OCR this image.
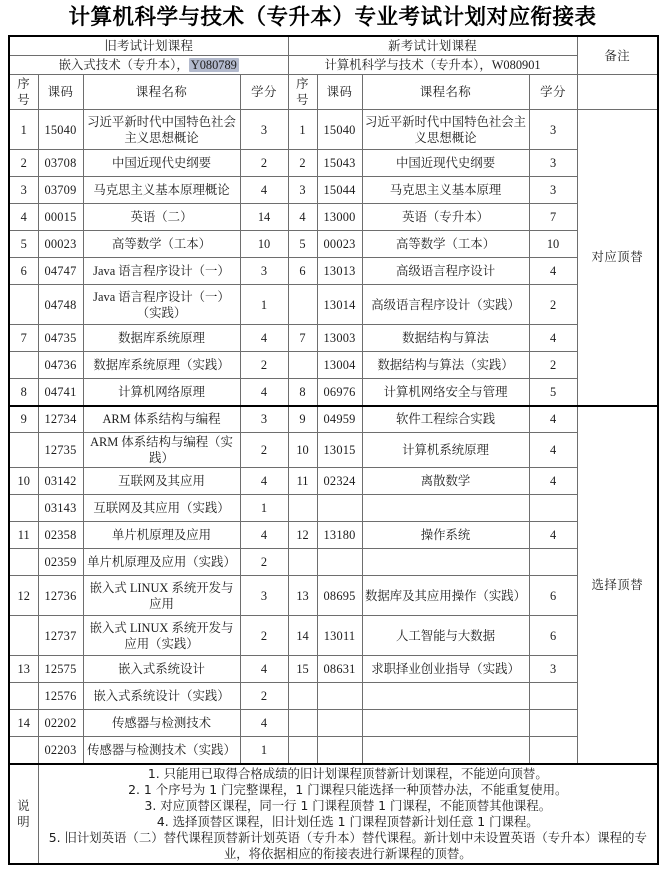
计算机科学与技术（专升本）专业考试计划对应衔接表
旧考试计划课程				新考试计划课程				备注
嵌入式技术（专升本）， Y080789				计算机科学与技术（专升本），W080901				
序号	课码	课程名称	学分	序号	课码	课程名称	学分	
1	15040	习近平新时代中国特色社会主义思想概论	3	1	15040	习近平新时代中国特色社会主义思想概论	3	对应顶替
2	03708	中国近现代史纲要	2	2	15043	中国近现代史纲要	3	
3	03709	马克思主义基本原理概论	4	3	15044	马克思主义基本原理	3	
4	00015	英语（二）	14	4	13000	英语（专升本）	7	
5	00023	高等数学（工本）	10	5	00023	高等数学（工本）	10	
6	04747	Java 语言程序设计（一）	3	6	13013	高级语言程序设计	4	
	04748	Java 语言程序设计（一）（实践）	1		13014	高级语言程序设计（实践）	2	
7	04735	数据库系统原理	4	7	13003	数据结构与算法	4	
	04736	数据库系统原理（实践）	2		13004	数据结构与算法（实践）	2	
8	04741	计算机网络原理	4	8	06976	计算机网络安全与管理	5	
9	12734	ARM 体系结构与编程	3	9	04959	软件工程综合实践	4	选择顶替
	12735	ARM 体系结构与编程（实践）	2	10	13015	计算机系统原理	4	
10	03142	互联网及其应用	4	11	02324	离散数学	4	
	03143	互联网及其应用（实践）	1					
11	02358	单片机原理及应用	4	12	13180	操作系统	4	
	02359	单片机原理及应用（实践）	2					
12	12736	嵌入式 LINUX 系统开发与应用	3	13	08695	数据库及其应用操作（实践）	6	
	12737	嵌入式 LINUX 系统开发与应用（实践）	2	14	13011	人工智能与大数据	6	
13	12575	嵌入式系统设计	4	15	08631	求职择业创业指导（实践）	3	
	12576	嵌入式系统设计（实践）	2					
14	02202	传感器与检测技术	4					
	02203	传感器与检测技术（实践）	1					
说明	1. 只能用已取得合格成绩的旧计划课程顶替新计划课程，不能逆向顶替。
2. 1 个序号为 1 门完整课程，1 门课程只能选择一种顶替办法，不能重复使用。
3. 对应顶替区课程，同一行 1 门课程顶替 1 门课程，不能顶替其他课程。
4. 选择顶替区课程，旧计划任选 1 门课程顶替新计划任意 1 门课程。
5. 旧计划英语（二）替代课程顶替新计划英语（专升本）替代课程。新计划中未设置英语（专升本）课程的专业，将依据相应的衔接表进行新课程的顶替。							
